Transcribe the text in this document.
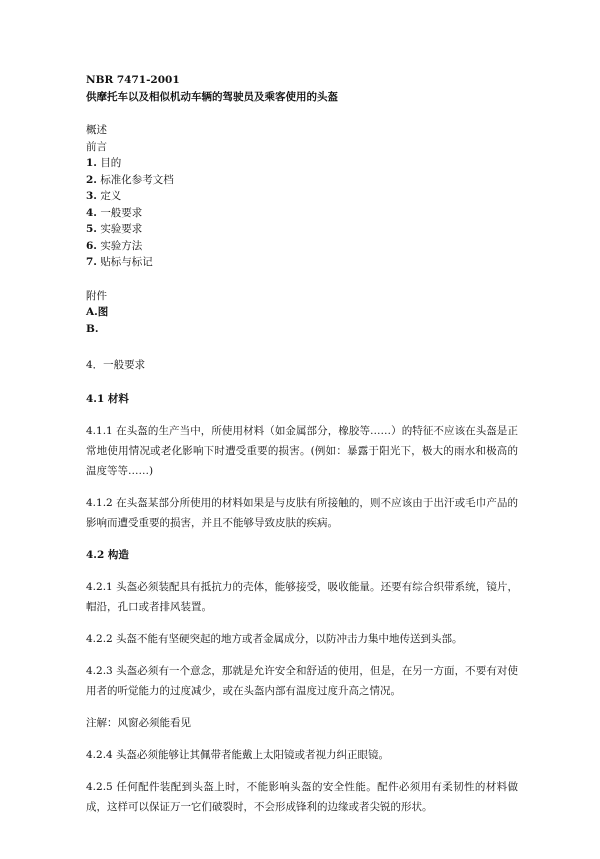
NBR 7471-2001
供摩托车以及相似机动车辆的驾驶员及乘客使用的头盔
概述
前言
1. 目的
2. 标准化参考文档
3. 定义
4. 一般要求
5. 实验要求
6. 实验方法
7. 贴标与标记
附件
A.图
B.
4．一般要求
4.1 材料

4.1.1 在头盔的生产当中，所使用材料（如金属部分，橡胶等……）的特征不应该在头盔是正常地使用情况或老化影响下时遭受重要的损害。(例如：暴露于阳光下，极大的雨水和极高的温度等等……)

4.1.2 在头盔某部分所使用的材料如果是与皮肤有所接触的，则不应该由于出汗或毛巾产品的影响而遭受重要的损害，并且不能够导致皮肤的疾病。

4.2 构造

4.2.1 头盔必须装配具有抵抗力的壳体，能够接受，吸收能量。还要有综合织带系统，镜片，帽沿，孔口或者排风装置。

4.2.2 头盔不能有坚硬突起的地方或者金属成分，以防冲击力集中地传送到头部。

4.2.3 头盔必须有一个意念，那就是允许安全和舒适的使用，但是，在另一方面，不要有对使用者的听觉能力的过度减少，或在头盔内部有温度过度升高之情况。

注解：风窗必须能看见

4.2.4 头盔必须能够让其佩带者能戴上太阳镜或者视力纠正眼镜。

4.2.5 任何配件装配到头盔上时，不能影响头盔的安全性能。配件必须用有柔韧性的材料做成，这样可以保证万一它们破裂时，不会形成锋利的边缘或者尖锐的形状。
